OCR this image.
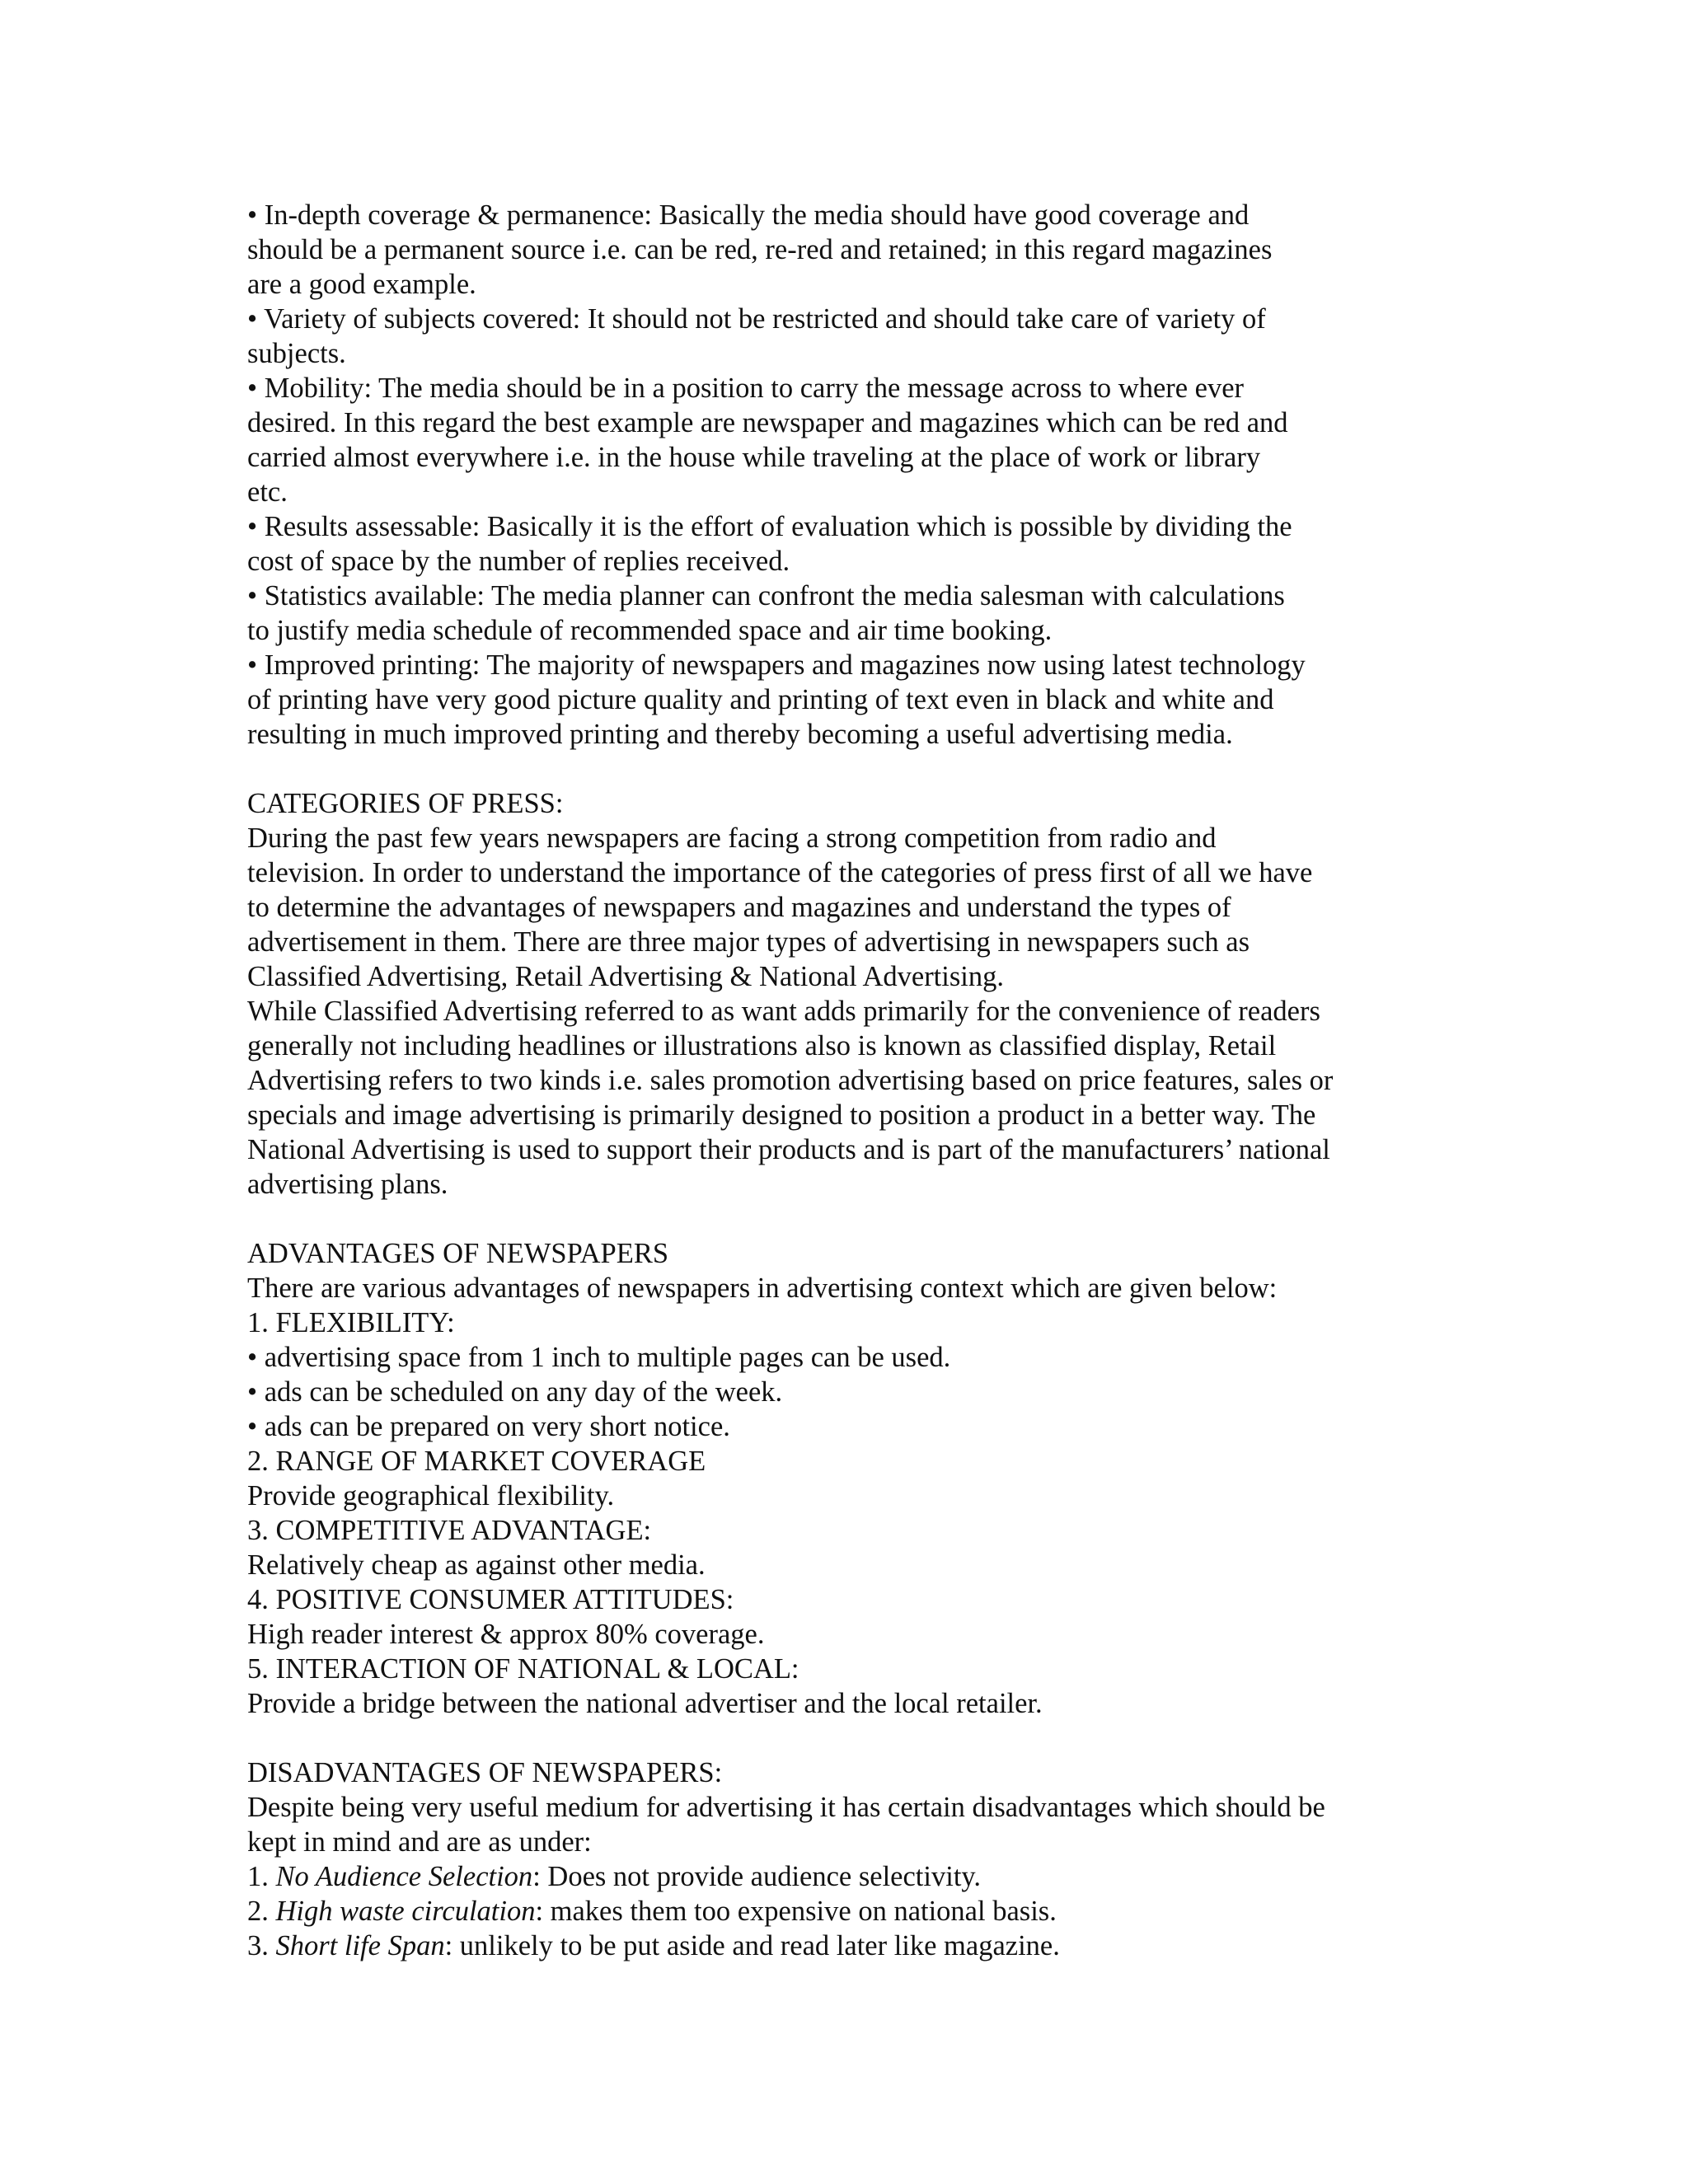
• In-depth coverage & permanence: Basically the media should have good coverage and
should be a permanent source i.e. can be red, re-red and retained; in this regard magazines
are a good example.
• Variety of subjects covered: It should not be restricted and should take care of variety of
subjects.
• Mobility: The media should be in a position to carry the message across to where ever
desired. In this regard the best example are newspaper and magazines which can be red and
carried almost everywhere i.e. in the house while traveling at the place of work or library
etc.
• Results assessable: Basically it is the effort of evaluation which is possible by dividing the
cost of space by the number of replies received.
• Statistics available: The media planner can confront the media salesman with calculations
to justify media schedule of recommended space and air time booking.
• Improved printing: The majority of newspapers and magazines now using latest technology
of printing have very good picture quality and printing of text even in black and white and
resulting in much improved printing and thereby becoming a useful advertising media.
CATEGORIES OF PRESS:
During the past few years newspapers are facing a strong competition from radio and
television. In order to understand the importance of the categories of press first of all we have
to determine the advantages of newspapers and magazines and understand the types of
advertisement in them. There are three major types of advertising in newspapers such as
Classified Advertising, Retail Advertising & National Advertising.
While Classified Advertising referred to as want adds primarily for the convenience of readers
generally not including headlines or illustrations also is known as classified display, Retail
Advertising refers to two kinds i.e. sales promotion advertising based on price features, sales or
specials and image advertising is primarily designed to position a product in a better way. The
National Advertising is used to support their products and is part of the manufacturers’ national
advertising plans.
ADVANTAGES OF NEWSPAPERS
There are various advantages of newspapers in advertising context which are given below:
1. FLEXIBILITY:
• advertising space from 1 inch to multiple pages can be used.
• ads can be scheduled on any day of the week.
• ads can be prepared on very short notice.
2. RANGE OF MARKET COVERAGE
Provide geographical flexibility.
3. COMPETITIVE ADVANTAGE:
Relatively cheap as against other media.
4. POSITIVE CONSUMER ATTITUDES:
High reader interest & approx 80% coverage.
5. INTERACTION OF NATIONAL & LOCAL:
Provide a bridge between the national advertiser and the local retailer.
DISADVANTAGES OF NEWSPAPERS:
Despite being very useful medium for advertising it has certain disadvantages which should be
kept in mind and are as under:
1. No Audience Selection: Does not provide audience selectivity.
2. High waste circulation: makes them too expensive on national basis.
3. Short life Span: unlikely to be put aside and read later like magazine.
